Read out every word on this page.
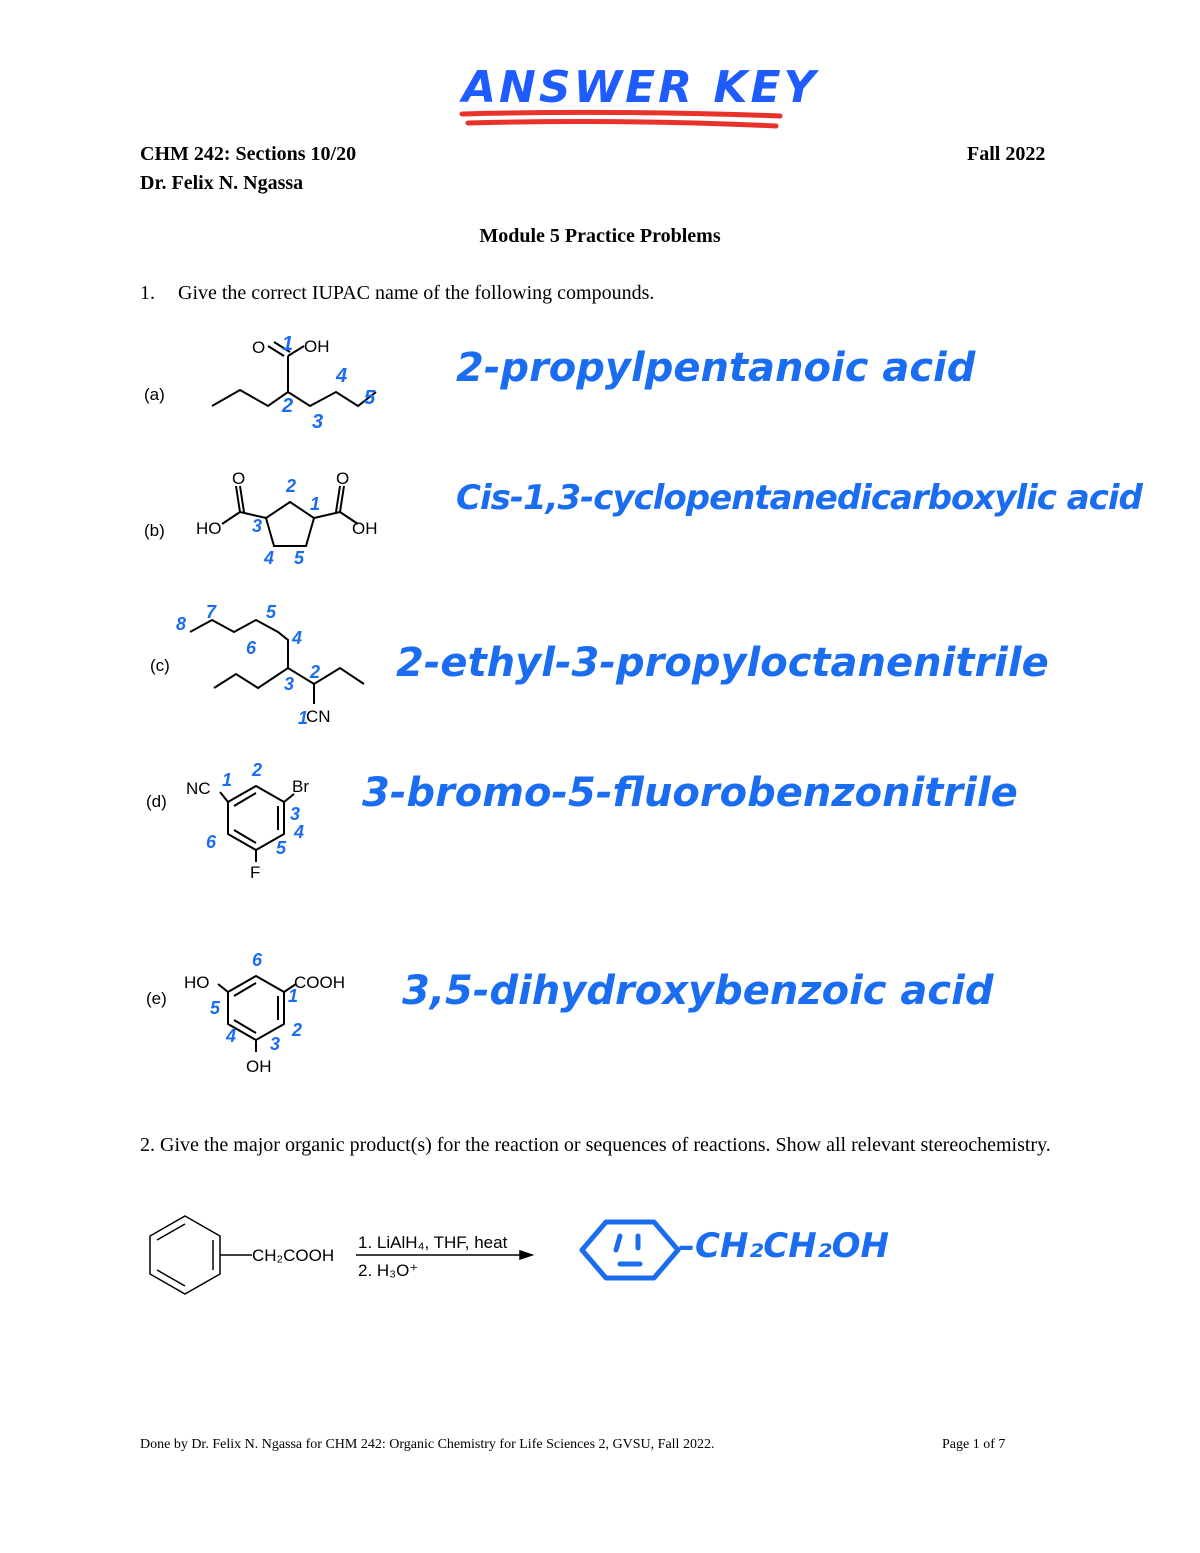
ANSWER KEY
CHM 242: Sections 10/20
Dr. Felix N. Ngassa
Fall 2022
Module 5 Practice Problems
1. Give the correct IUPAC name of the following compounds.
(a)
O OH
1
2
3
4
5
2-propylpentanoic acid
(b)
O	O
HO	OH
1
2
3
4 5
Cis-1,3-cyclopentanedicarboxylic acid
(c)
CN
1
2
3
4
5
6
7
8
2-ethyl-3-propyloctanenitrile
(d)
NC	Br
F
1 2
3
4
5
6
3-bromo-5-fluorobenzonitrile
(e)
HO	COOH
OH
1
2
3
4
5
6
3,5-dihydroxybenzoic acid
2. Give the major organic product(s) for the reaction or sequences of reactions. Show all relevant stereochemistry.
CH₂COOH
1. LiAlH₄, THF, heat
2. H₃O⁺
–CH₂CH₂OH
Done by Dr. Felix N. Ngassa for CHM 242: Organic Chemistry for Life Sciences 2, GVSU, Fall 2022.	Page 1 of 7
